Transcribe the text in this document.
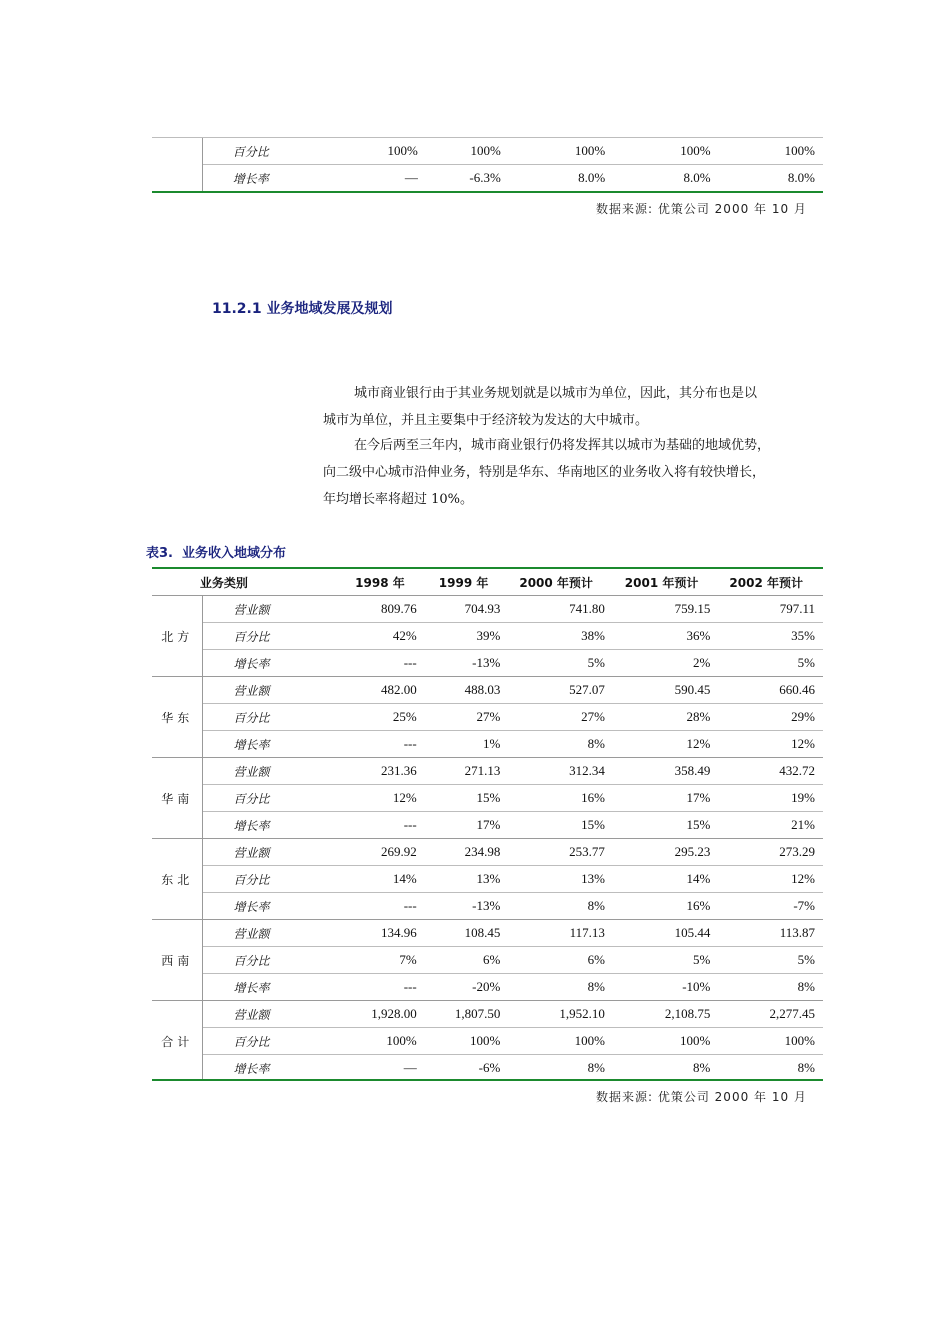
	百分比	100%	100%	100%	100%	100%
	增长率	—	-6.3%	8.0%	8.0%	8.0%
数据来源: 优策公司 2000 年 10 月
11.2.1 业务地域发展及规划
城市商业银行由于其业务规划就是以城市为单位，因此，其分布也是以
城市为单位，并且主要集中于经济较为发达的大中城市。
在今后两至三年内，城市商业银行仍将发挥其以城市为基础的地域优势，
向二级中心城市沿伸业务，特别是华东、华南地区的业务收入将有较快增长，
年均增长率将超过 10%。
表3.  业务收入地域分布
业务类别		1998 年	1999 年	2000 年预计	2001 年预计	2002 年预计
北方	营业额	809.76	704.93	741.80	759.15	797.11
	百分比	42%	39%	38%	36%	35%
	增长率	---	-13%	5%	2%	5%
华东	营业额	482.00	488.03	527.07	590.45	660.46
	百分比	25%	27%	27%	28%	29%
	增长率	---	1%	8%	12%	12%
华南	营业额	231.36	271.13	312.34	358.49	432.72
	百分比	12%	15%	16%	17%	19%
	增长率	---	17%	15%	15%	21%
东北	营业额	269.92	234.98	253.77	295.23	273.29
	百分比	14%	13%	13%	14%	12%
	增长率	---	-13%	8%	16%	-7%
西南	营业额	134.96	108.45	117.13	105.44	113.87
	百分比	7%	6%	6%	5%	5%
	增长率	---	-20%	8%	-10%	8%
合计	营业额	1,928.00	1,807.50	1,952.10	2,108.75	2,277.45
	百分比	100%	100%	100%	100%	100%
	增长率	—	-6%	8%	8%	8%
数据来源: 优策公司 2000 年 10 月
